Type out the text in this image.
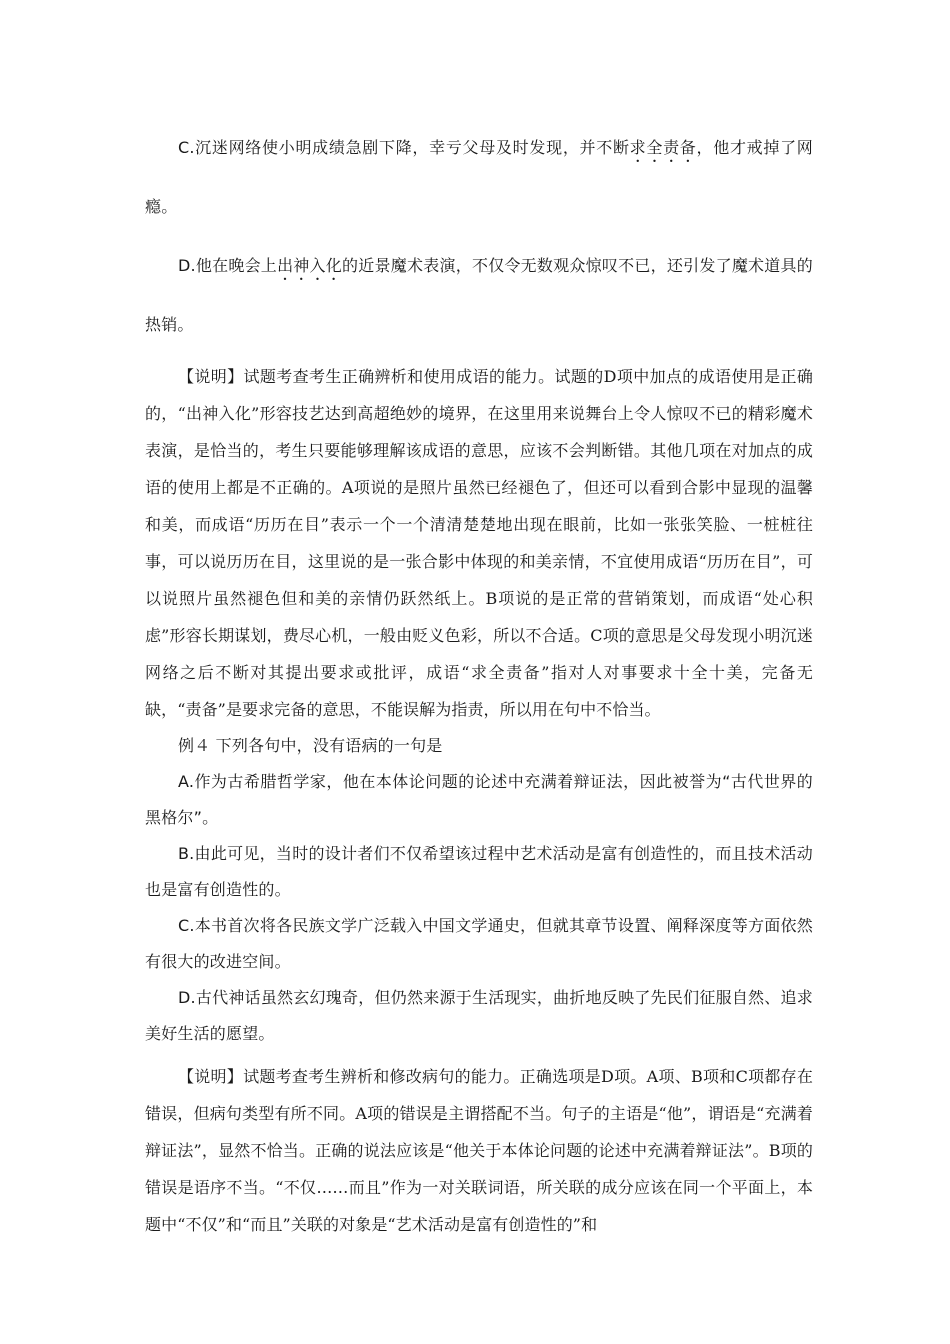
C.沉迷网络使小明成绩急剧下降，幸亏父母及时发现，并不断求全责备，他才戒掉了网瘾。

D.他在晚会上出神入化的近景魔术表演，不仅令无数观众惊叹不已，还引发了魔术道具的热销。

【说明】试题考查考生正确辨析和使用成语的能力。试题的D项中加点的成语使用是正确的，“出神入化”形容技艺达到高超绝妙的境界，在这里用来说舞台上令人惊叹不已的精彩魔术表演，是恰当的，考生只要能够理解该成语的意思，应该不会判断错。其他几项在对加点的成语的使用上都是不正确的。A项说的是照片虽然已经褪色了，但还可以看到合影中显现的温馨和美，而成语“历历在目”表示一个一个清清楚楚地出现在眼前，比如一张张笑脸、一桩桩往事，可以说历历在目，这里说的是一张合影中体现的和美亲情，不宜使用成语“历历在目”，可以说照片虽然褪色但和美的亲情仍跃然纸上。B项说的是正常的营销策划，而成语“处心积虑”形容长期谋划，费尽心机，一般由贬义色彩，所以不合适。C项的意思是父母发现小明沉迷网络之后不断对其提出要求或批评，成语“求全责备”指对人对事要求十全十美，完备无缺，“责备”是要求完备的意思，不能误解为指责，所以用在句中不恰当。

例４ 下列各句中，没有语病的一句是

A.作为古希腊哲学家，他在本体论问题的论述中充满着辩证法，因此被誉为“古代世界的黑格尔”。

B.由此可见，当时的设计者们不仅希望该过程中艺术活动是富有创造性的，而且技术活动也是富有创造性的。

C.本书首次将各民族文学广泛载入中国文学通史，但就其章节设置、阐释深度等方面依然有很大的改进空间。

D.古代神话虽然玄幻瑰奇，但仍然来源于生活现实，曲折地反映了先民们征服自然、追求美好生活的愿望。

【说明】试题考查考生辨析和修改病句的能力。正确选项是D项。A项、B项和C项都存在错误，但病句类型有所不同。A项的错误是主谓搭配不当。句子的主语是“他”，谓语是“充满着辩证法”，显然不恰当。正确的说法应该是“他关于本体论问题的论述中充满着辩证法”。B项的错误是语序不当。“不仅……而且”作为一对关联词语，所关联的成分应该在同一个平面上，本题中“不仅”和“而且”关联的对象是“艺术活动是富有创造性的”和
